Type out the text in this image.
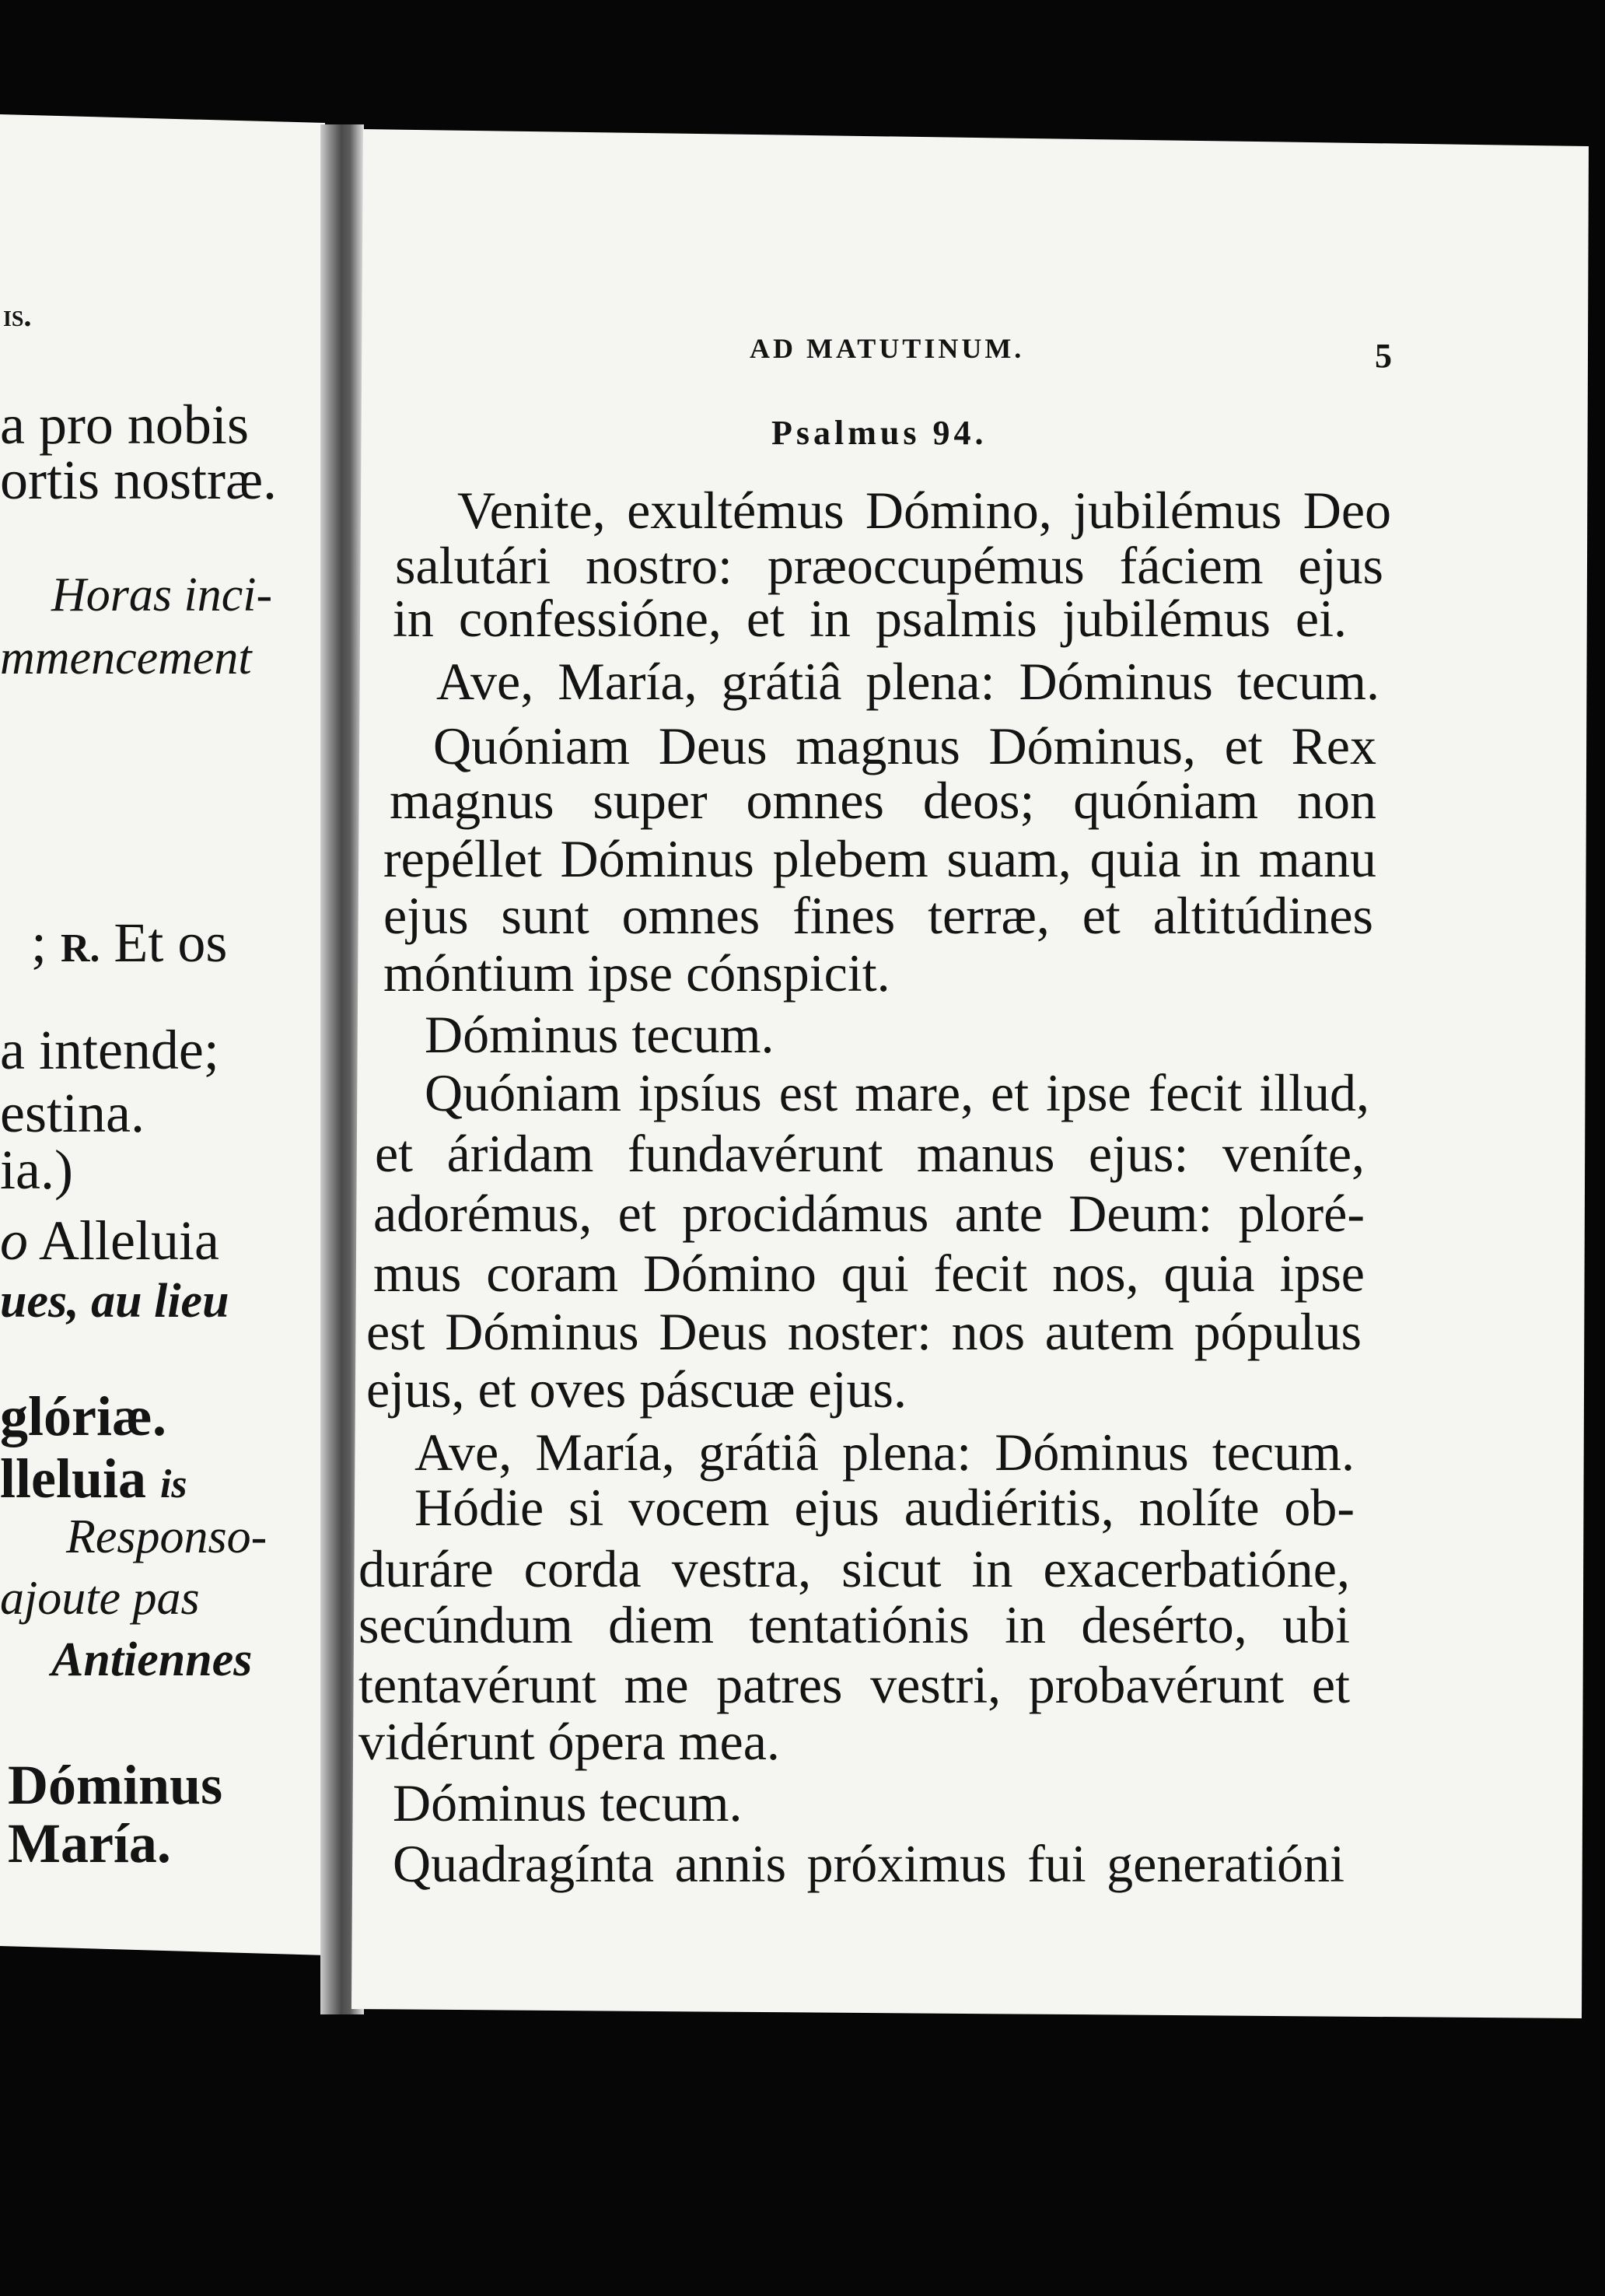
is.
a pro nobis
ortis nostræ.
Horas inci-
mmencement
; R. Et os
a intende;
estina.
ia.)
o Alleluia
ues, au lieu
glóriæ.
lleluia is
Responso-
ajoute pas
Antiennes
Dóminus
María.
AD MATUTINUM.	5
Psalmus 94.
Venite, exultémus Dómino, jubilémus Deo
salutári nostro: præoccupémus fáciem ejus
in confessióne, et in psalmis jubilémus ei.
Ave, María, grátiâ plena: Dóminus tecum.
Quóniam Deus magnus Dóminus, et Rex
magnus super omnes deos; quóniam non
repéllet Dóminus plebem suam, quia in manu
ejus sunt omnes fines terræ, et altitúdines
móntium ipse cónspicit.
Dóminus tecum.
Quóniam ipsíus est mare, et ipse fecit illud,
et áridam fundavérunt manus ejus: veníte,
adorémus, et procidámus ante Deum: ploré-
mus coram Dómino qui fecit nos, quia ipse
est Dóminus Deus noster: nos autem pópulus
ejus, et oves páscuæ ejus.
Ave, María, grátiâ plena: Dóminus tecum.
Hódie si vocem ejus audiéritis, nolíte ob-
duráre corda vestra, sicut in exacerbatióne,
secúndum diem tentatiónis in desérto, ubi
tentavérunt me patres vestri, probavérunt et
vidérunt ópera mea.
Dóminus tecum.
Quadragínta annis próximus fui generatióni
